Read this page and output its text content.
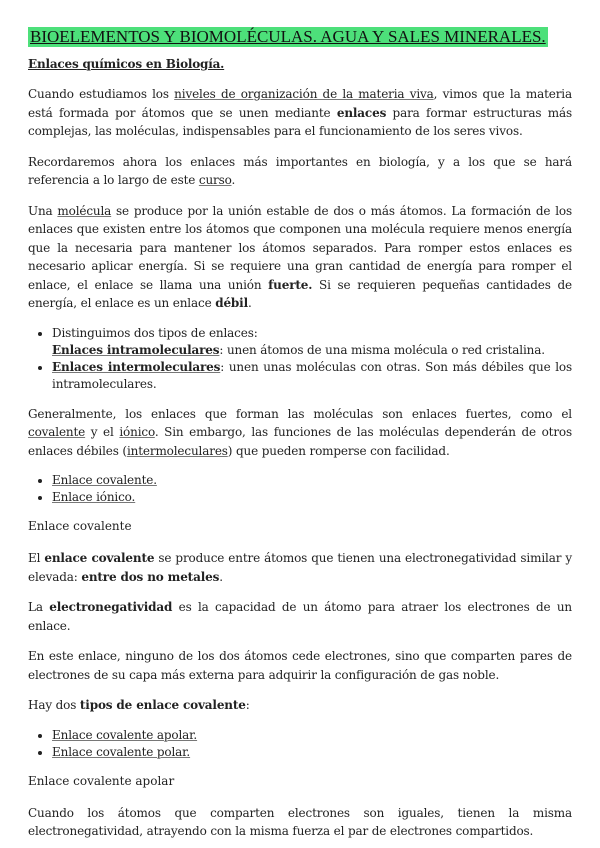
BIOELEMENTOS Y BIOMOLÉCULAS. AGUA Y SALES MINERALES.
Enlaces químicos en Biología.

Cuando estudiamos los niveles de organización de la materia viva, vimos que la materia está formada por átomos que se unen mediante enlaces para formar estructuras más complejas, las moléculas, indispensables para el funcionamiento de los seres vivos.

Recordaremos ahora los enlaces más importantes en biología, y a los que se hará referencia a lo largo de este curso.

Una molécula se produce por la unión estable de dos o más átomos. La formación de los enlaces que existen entre los átomos que componen una molécula requiere menos energía que la necesaria para mantener los átomos separados. Para romper estos enlaces es necesario aplicar energía. Si se requiere una gran cantidad de energía para romper el enlace, el enlace se llama una unión fuerte. Si se requieren pequeñas cantidades de energía, el enlace es un enlace débil.

• Distinguimos dos tipos de enlaces:
Enlaces intramoleculares: unen átomos de una misma molécula o red cristalina.
• Enlaces intermoleculares: unen unas moléculas con otras. Son más débiles que los intramoleculares.

Generalmente, los enlaces que forman las moléculas son enlaces fuertes, como el covalente y el iónico. Sin embargo, las funciones de las moléculas dependerán de otros enlaces débiles (intermoleculares) que pueden romperse con facilidad.

• Enlace covalente.
• Enlace iónico.
Enlace covalente

El enlace covalente se produce entre átomos que tienen una electronegatividad similar y elevada: entre dos no metales.

La electronegatividad es la capacidad de un átomo para atraer los electrones de un enlace.

En este enlace, ninguno de los dos átomos cede electrones, sino que comparten pares de electrones de su capa más externa para adquirir la configuración de gas noble.

Hay dos tipos de enlace covalente:

• Enlace covalente apolar.
• Enlace covalente polar.
Enlace covalente apolar

Cuando los átomos que comparten electrones son iguales, tienen la misma electronegatividad, atrayendo con la misma fuerza el par de electrones compartidos.
